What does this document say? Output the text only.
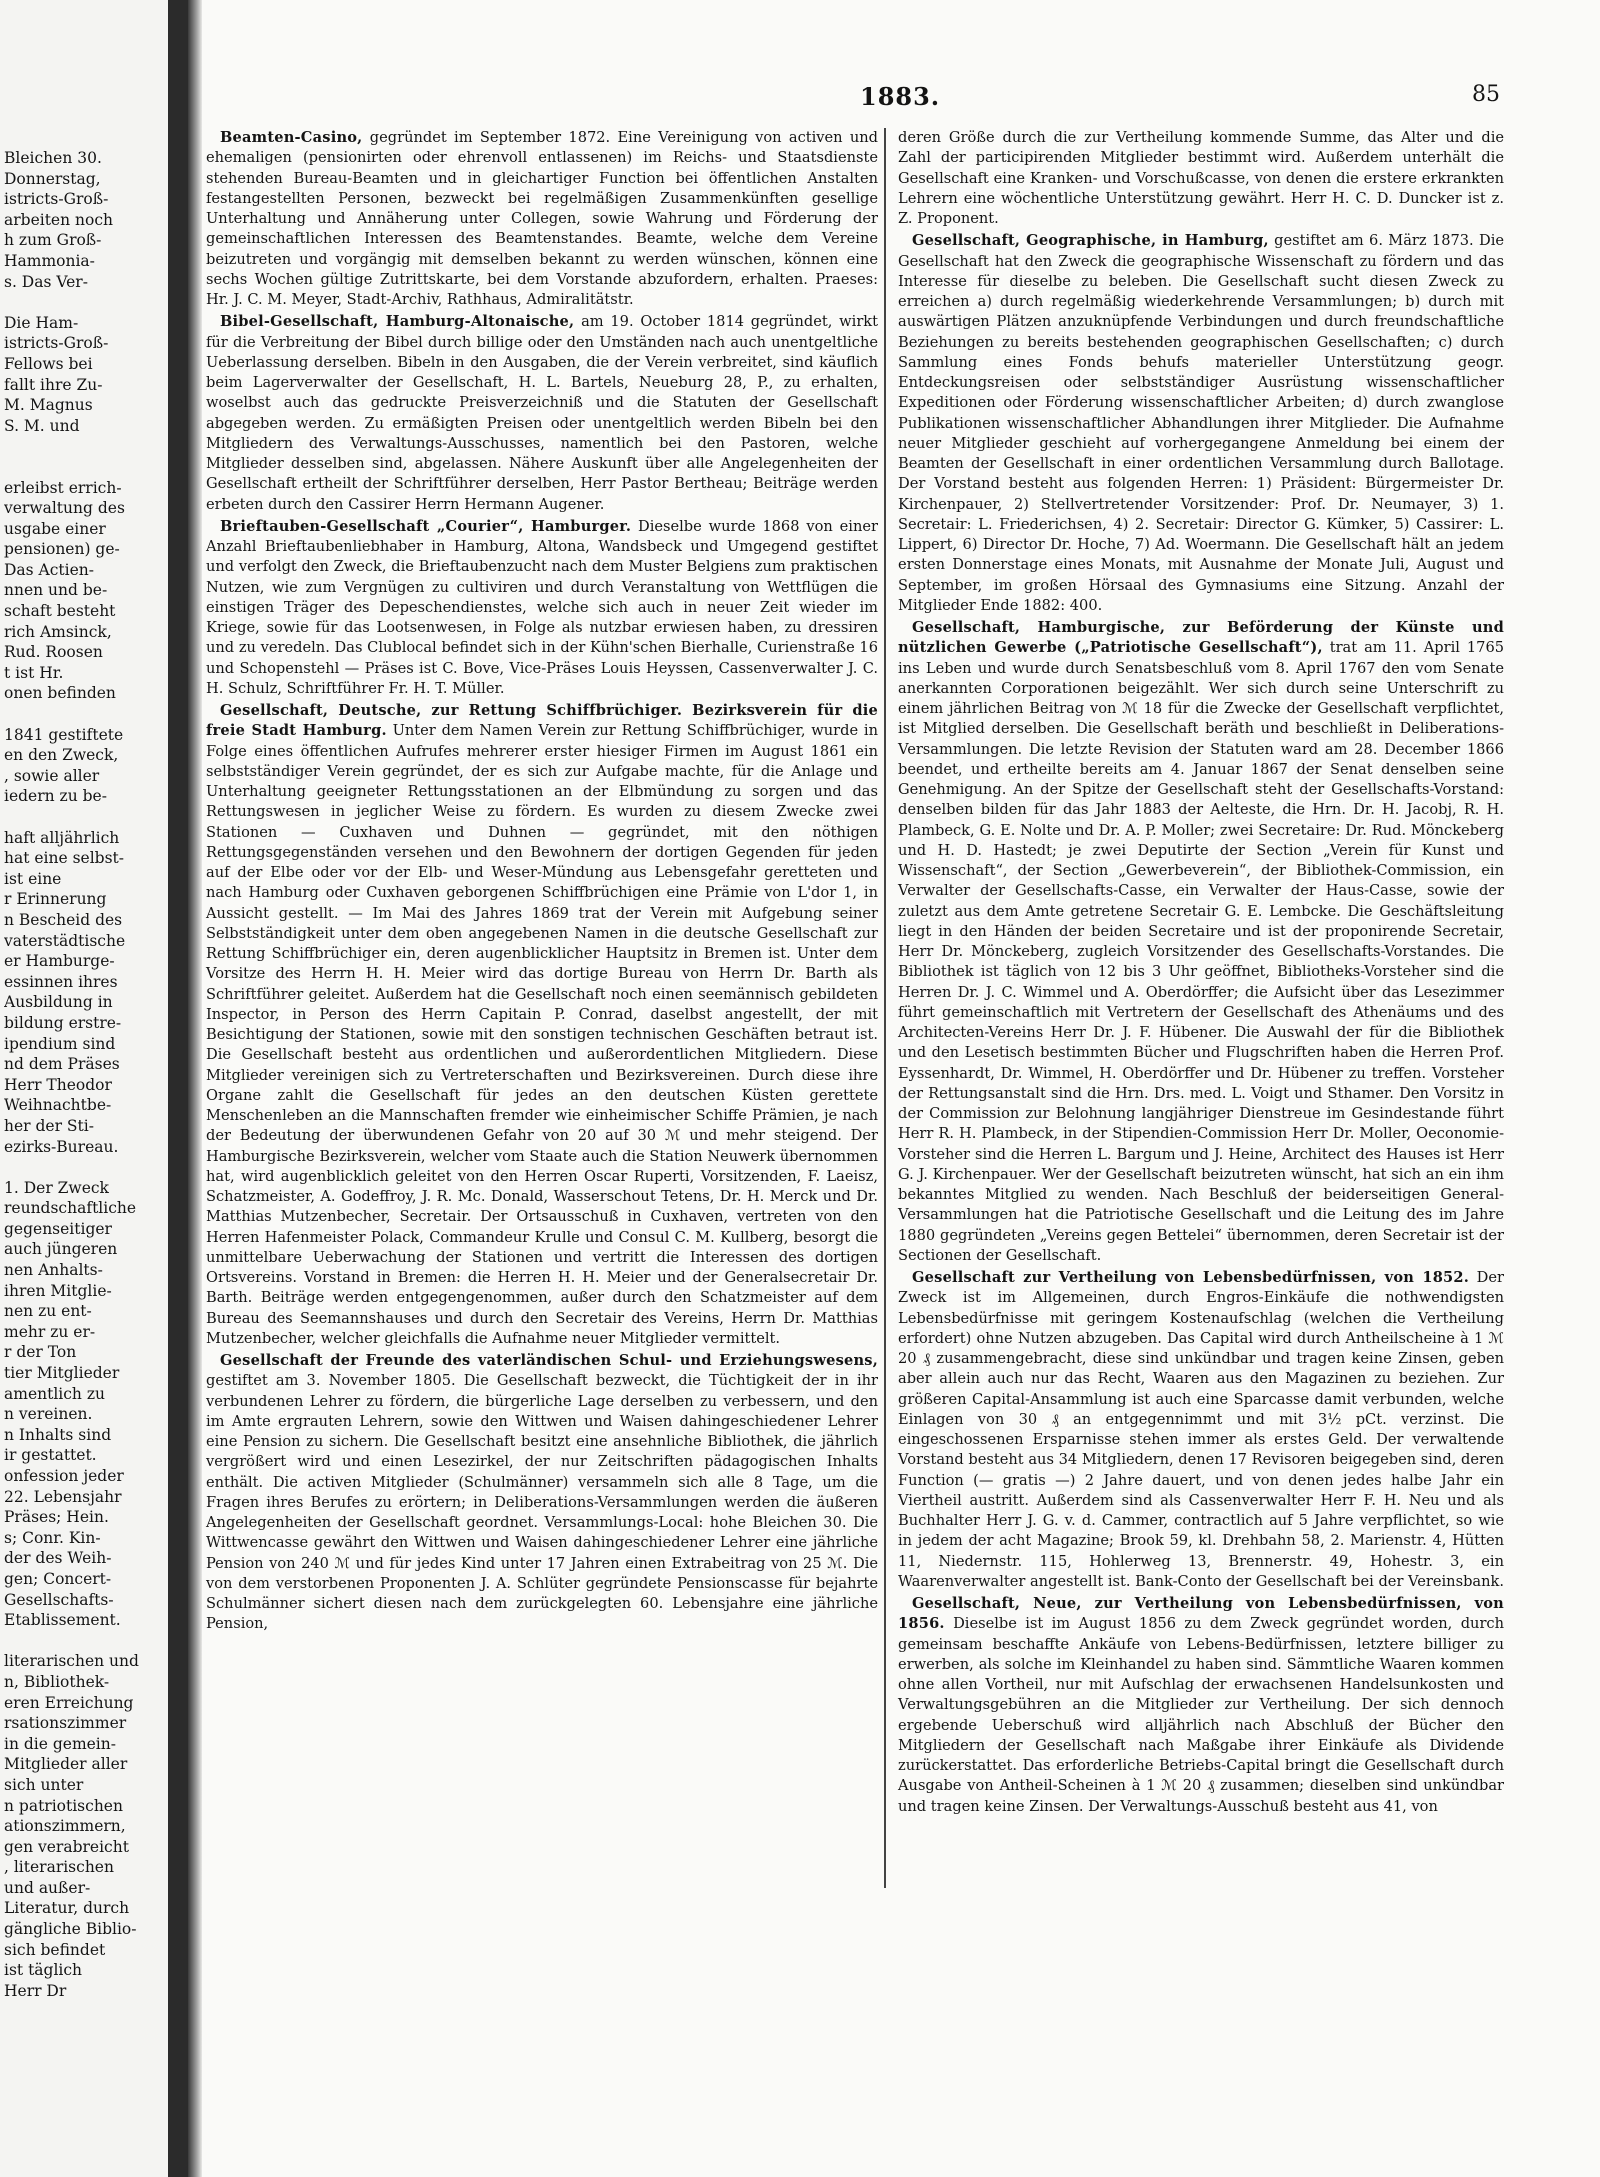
Bleichen 30.
Donnerstag,
istricts-Groß-
arbeiten noch
h zum Groß-
Hammonia-
s. Das Ver-

Die Ham-
istricts-Groß-
Fellows bei
fallt ihre Zu-
M. Magnus
S. M. und

erleibst errich-
verwaltung des
usgabe einer
pensionen) ge-
Das Actien-
nnen und be-
schaft besteht
rich Amsinck,
Rud. Roosen
t ist Hr.
onen befinden

1841 gestiftete
en den Zweck,
, sowie aller
iedern zu be-

haft alljährlich
hat eine selbst-
ist eine
r Erinnerung
n Bescheid des
vaterstädtische
er Hamburge-
essinnen ihres
Ausbildung in
bildung erstre-
ipendium sind
nd dem Präses
Herr Theodor
Weihnachtbe-
her der Sti-
ezirks-Bureau.

1. Der Zweck
reundschaftliche
gegenseitiger
auch jüngeren
nen Anhalts-
ihren Mitglie-
nen zu ent-
mehr zu er-
r der Ton
tier Mitglieder
amentlich zu
n vereinen.
n Inhalts sind
ir gestattet.
onfession jeder
22. Lebensjahr
Präses; Hein.
s; Conr. Kin-
der des Weih-
gen; Concert-
Gesellschafts-
Etablissement.

literarischen und
n, Bibliothek-
eren Erreichung
rsationszimmer
in die gemein-
Mitglieder aller
sich unter
n patriotischen
ationszimmern,
gen verabreicht
, literarischen
und außer-
Literatur, durch
gängliche Biblio-
sich befindet
ist täglich
Herr Dr
1883.	85

Beamten-Casino, gegründet im September 1872. Eine Vereinigung von activen und ehemaligen (pensionirten oder ehrenvoll entlassenen) im Reichs- und Staatsdienste stehenden Bureau-Beamten und in gleichartiger Function bei öffentlichen Anstalten festangestellten Personen, bezweckt bei regelmäßigen Zusammenkünften gesellige Unterhaltung und Annäherung unter Collegen, sowie Wahrung und Förderung der gemeinschaftlichen Interessen des Beamtenstandes. Beamte, welche dem Vereine beizutreten und vorgängig mit demselben bekannt zu werden wünschen, können eine sechs Wochen gültige Zutrittskarte, bei dem Vorstande abzufordern, erhalten. Praeses: Hr. J. C. M. Meyer, Stadt-Archiv, Rathhaus, Admiralitätstr.

Bibel-Gesellschaft, Hamburg-Altonaische, am 19. October 1814 gegründet, wirkt für die Verbreitung der Bibel durch billige oder den Umständen nach auch unentgeltliche Ueberlassung derselben. Bibeln in den Ausgaben, die der Verein verbreitet, sind käuflich beim Lagerverwalter der Gesellschaft, H. L. Bartels, Neueburg 28, P., zu erhalten, woselbst auch das gedruckte Preisverzeichniß und die Statuten der Gesellschaft abgegeben werden. Zu ermäßigten Preisen oder unentgeltlich werden Bibeln bei den Mitgliedern des Verwaltungs-Ausschusses, namentlich bei den Pastoren, welche Mitglieder desselben sind, abgelassen. Nähere Auskunft über alle Angelegenheiten der Gesellschaft ertheilt der Schriftführer derselben, Herr Pastor Bertheau; Beiträge werden erbeten durch den Cassirer Herrn Hermann Augener.

Brieftauben-Gesellschaft „Courier“, Hamburger. Dieselbe wurde 1868 von einer Anzahl Brieftaubenliebhaber in Hamburg, Altona, Wandsbeck und Umgegend gestiftet und verfolgt den Zweck, die Brieftaubenzucht nach dem Muster Belgiens zum praktischen Nutzen, wie zum Vergnügen zu cultiviren und durch Veranstaltung von Wettflügen die einstigen Träger des Depeschendienstes, welche sich auch in neuer Zeit wieder im Kriege, sowie für das Lootsenwesen, in Folge als nutzbar erwiesen haben, zu dressiren und zu veredeln. Das Clublocal befindet sich in der Kühn'schen Bierhalle, Curienstraße 16 und Schopenstehl — Präses ist C. Bove, Vice-Präses Louis Heyssen, Cassenverwalter J. C. H. Schulz, Schriftführer Fr. H. T. Müller.

Gesellschaft, Deutsche, zur Rettung Schiffbrüchiger. Bezirksverein für die freie Stadt Hamburg. Unter dem Namen Verein zur Rettung Schiffbrüchiger, wurde in Folge eines öffentlichen Aufrufes mehrerer erster hiesiger Firmen im August 1861 ein selbstständiger Verein gegründet, der es sich zur Aufgabe machte, für die Anlage und Unterhaltung geeigneter Rettungsstationen an der Elbmündung zu sorgen und das Rettungswesen in jeglicher Weise zu fördern. Es wurden zu diesem Zwecke zwei Stationen — Cuxhaven und Duhnen — gegründet, mit den nöthigen Rettungsgegenständen versehen und den Bewohnern der dortigen Gegenden für jeden auf der Elbe oder vor der Elb- und Weser-Mündung aus Lebensgefahr geretteten und nach Hamburg oder Cuxhaven geborgenen Schiffbrüchigen eine Prämie von L'dor 1, in Aussicht gestellt. — Im Mai des Jahres 1869 trat der Verein mit Aufgebung seiner Selbstständigkeit unter dem oben angegebenen Namen in die deutsche Gesellschaft zur Rettung Schiffbrüchiger ein, deren augenblicklicher Hauptsitz in Bremen ist. Unter dem Vorsitze des Herrn H. H. Meier wird das dortige Bureau von Herrn Dr. Barth als Schriftführer geleitet. Außerdem hat die Gesellschaft noch einen seemännisch gebildeten Inspector, in Person des Herrn Capitain P. Conrad, daselbst angestellt, der mit Besichtigung der Stationen, sowie mit den sonstigen technischen Geschäften betraut ist. Die Gesellschaft besteht aus ordentlichen und außerordentlichen Mitgliedern. Diese Mitglieder vereinigen sich zu Vertreterschaften und Bezirksvereinen. Durch diese ihre Organe zahlt die Gesellschaft für jedes an den deutschen Küsten gerettete Menschenleben an die Mannschaften fremder wie einheimischer Schiffe Prämien, je nach der Bedeutung der überwundenen Gefahr von 20 auf 30 ℳ und mehr steigend. Der Hamburgische Bezirksverein, welcher vom Staate auch die Station Neuwerk übernommen hat, wird augenblicklich geleitet von den Herren Oscar Ruperti, Vorsitzenden, F. Laeisz, Schatzmeister, A. Godeffroy, J. R. Mc. Donald, Wasserschout Tetens, Dr. H. Merck und Dr. Matthias Mutzenbecher, Secretair. Der Ortsausschuß in Cuxhaven, vertreten von den Herren Hafenmeister Polack, Commandeur Krulle und Consul C. M. Kullberg, besorgt die unmittelbare Ueberwachung der Stationen und vertritt die Interessen des dortigen Ortsvereins. Vorstand in Bremen: die Herren H. H. Meier und der Generalsecretair Dr. Barth. Beiträge werden entgegengenommen, außer durch den Schatzmeister auf dem Bureau des Seemannshauses und durch den Secretair des Vereins, Herrn Dr. Matthias Mutzenbecher, welcher gleichfalls die Aufnahme neuer Mitglieder vermittelt.

Gesellschaft der Freunde des vaterländischen Schul- und Erziehungswesens, gestiftet am 3. November 1805. Die Gesellschaft bezweckt, die Tüchtigkeit der in ihr verbundenen Lehrer zu fördern, die bürgerliche Lage derselben zu verbessern, und den im Amte ergrauten Lehrern, sowie den Wittwen und Waisen dahingeschiedener Lehrer eine Pension zu sichern. Die Gesellschaft besitzt eine ansehnliche Bibliothek, die jährlich vergrößert wird und einen Lesezirkel, der nur Zeitschriften pädagogischen Inhalts enthält. Die activen Mitglieder (Schulmänner) versammeln sich alle 8 Tage, um die Fragen ihres Berufes zu erörtern; in Deliberations-Versammlungen werden die äußeren Angelegenheiten der Gesellschaft geordnet. Versammlungs-Local: hohe Bleichen 30. Die Wittwencasse gewährt den Wittwen und Waisen dahingeschiedener Lehrer eine jährliche Pension von 240 ℳ und für jedes Kind unter 17 Jahren einen Extrabeitrag von 25 ℳ. Die von dem verstorbenen Proponenten J. A. Schlüter gegründete Pensionscasse für bejahrte Schulmänner sichert diesen nach dem zurückgelegten 60. Lebensjahre eine jährliche Pension,

deren Größe durch die zur Vertheilung kommende Summe, das Alter und die Zahl der participirenden Mitglieder bestimmt wird. Außerdem unterhält die Gesellschaft eine Kranken- und Vorschußcasse, von denen die erstere erkrankten Lehrern eine wöchentliche Unterstützung gewährt. Herr H. C. D. Duncker ist z. Z. Proponent.

Gesellschaft, Geographische, in Hamburg, gestiftet am 6. März 1873. Die Gesellschaft hat den Zweck die geographische Wissenschaft zu fördern und das Interesse für dieselbe zu beleben. Die Gesellschaft sucht diesen Zweck zu erreichen a) durch regelmäßig wiederkehrende Versammlungen; b) durch mit auswärtigen Plätzen anzuknüpfende Verbindungen und durch freundschaftliche Beziehungen zu bereits bestehenden geographischen Gesellschaften; c) durch Sammlung eines Fonds behufs materieller Unterstützung geogr. Entdeckungsreisen oder selbstständiger Ausrüstung wissenschaftlicher Expeditionen oder Förderung wissenschaftlicher Arbeiten; d) durch zwanglose Publikationen wissenschaftlicher Abhandlungen ihrer Mitglieder. Die Aufnahme neuer Mitglieder geschieht auf vorhergegangene Anmeldung bei einem der Beamten der Gesellschaft in einer ordentlichen Versammlung durch Ballotage. Der Vorstand besteht aus folgenden Herren: 1) Präsident: Bürgermeister Dr. Kirchenpauer, 2) Stellvertretender Vorsitzender: Prof. Dr. Neumayer, 3) 1. Secretair: L. Friederichsen, 4) 2. Secretair: Director G. Kümker, 5) Cassirer: L. Lippert, 6) Director Dr. Hoche, 7) Ad. Woermann. Die Gesellschaft hält an jedem ersten Donnerstage eines Monats, mit Ausnahme der Monate Juli, August und September, im großen Hörsaal des Gymnasiums eine Sitzung. Anzahl der Mitglieder Ende 1882: 400.

Gesellschaft, Hamburgische, zur Beförderung der Künste und nützlichen Gewerbe („Patriotische Gesellschaft“), trat am 11. April 1765 ins Leben und wurde durch Senatsbeschluß vom 8. April 1767 den vom Senate anerkannten Corporationen beigezählt. Wer sich durch seine Unterschrift zu einem jährlichen Beitrag von ℳ 18 für die Zwecke der Gesellschaft verpflichtet, ist Mitglied derselben. Die Gesellschaft beräth und beschließt in Deliberations-Versammlungen. Die letzte Revision der Statuten ward am 28. December 1866 beendet, und ertheilte bereits am 4. Januar 1867 der Senat denselben seine Genehmigung. An der Spitze der Gesellschaft steht der Gesellschafts-Vorstand: denselben bilden für das Jahr 1883 der Aelteste, die Hrn. Dr. H. Jacobj, R. H. Plambeck, G. E. Nolte und Dr. A. P. Moller; zwei Secretaire: Dr. Rud. Mönckeberg und H. D. Hastedt; je zwei Deputirte der Section „Verein für Kunst und Wissenschaft“, der Section „Gewerbeverein“, der Bibliothek-Commission, ein Verwalter der Gesellschafts-Casse, ein Verwalter der Haus-Casse, sowie der zuletzt aus dem Amte getretene Secretair G. E. Lembcke. Die Geschäftsleitung liegt in den Händen der beiden Secretaire und ist der proponirende Secretair, Herr Dr. Mönckeberg, zugleich Vorsitzender des Gesellschafts-Vorstandes. Die Bibliothek ist täglich von 12 bis 3 Uhr geöffnet, Bibliotheks-Vorsteher sind die Herren Dr. J. C. Wimmel und A. Oberdörffer; die Aufsicht über das Lesezimmer führt gemeinschaftlich mit Vertretern der Gesellschaft des Athenäums und des Architecten-Vereins Herr Dr. J. F. Hübener. Die Auswahl der für die Bibliothek und den Lesetisch bestimmten Bücher und Flugschriften haben die Herren Prof. Eyssenhardt, Dr. Wimmel, H. Oberdörffer und Dr. Hübener zu treffen. Vorsteher der Rettungsanstalt sind die Hrn. Drs. med. L. Voigt und Sthamer. Den Vorsitz in der Commission zur Belohnung langjähriger Dienstreue im Gesindestande führt Herr R. H. Plambeck, in der Stipendien-Commission Herr Dr. Moller, Oeconomie-Vorsteher sind die Herren L. Bargum und J. Heine, Architect des Hauses ist Herr G. J. Kirchenpauer. Wer der Gesellschaft beizutreten wünscht, hat sich an ein ihm bekanntes Mitglied zu wenden. Nach Beschluß der beiderseitigen General-Versammlungen hat die Patriotische Gesellschaft und die Leitung des im Jahre 1880 gegründeten „Vereins gegen Bettelei“ übernommen, deren Secretair ist der Sectionen der Gesellschaft.

Gesellschaft zur Vertheilung von Lebensbedürfnissen, von 1852. Der Zweck ist im Allgemeinen, durch Engros-Einkäufe die nothwendigsten Lebensbedürfnisse mit geringem Kostenaufschlag (welchen die Vertheilung erfordert) ohne Nutzen abzugeben. Das Capital wird durch Antheilscheine à 1 ℳ 20 ₰ zusammengebracht, diese sind unkündbar und tragen keine Zinsen, geben aber allein auch nur das Recht, Waaren aus den Magazinen zu beziehen. Zur größeren Capital-Ansammlung ist auch eine Sparcasse damit verbunden, welche Einlagen von 30 ₰ an entgegennimmt und mit 3½ pCt. verzinst. Die eingeschossenen Ersparnisse stehen immer als erstes Geld. Der verwaltende Vorstand besteht aus 34 Mitgliedern, denen 17 Revisoren beigegeben sind, deren Function (— gratis —) 2 Jahre dauert, und von denen jedes halbe Jahr ein Viertheil austritt. Außerdem sind als Cassenverwalter Herr F. H. Neu und als Buchhalter Herr J. G. v. d. Cammer, contractlich auf 5 Jahre verpflichtet, so wie in jedem der acht Magazine; Brook 59, kl. Drehbahn 58, 2. Marienstr. 4, Hütten 11, Niedernstr. 115, Hohlerweg 13, Brennerstr. 49, Hohestr. 3, ein Waarenverwalter angestellt ist. Bank-Conto der Gesellschaft bei der Vereinsbank.

Gesellschaft, Neue, zur Vertheilung von Lebensbedürfnissen, von 1856. Dieselbe ist im August 1856 zu dem Zweck gegründet worden, durch gemeinsam beschaffte Ankäufe von Lebens-Bedürfnissen, letztere billiger zu erwerben, als solche im Kleinhandel zu haben sind. Sämmtliche Waaren kommen ohne allen Vortheil, nur mit Aufschlag der erwachsenen Handelsunkosten und Verwaltungsgebühren an die Mitglieder zur Vertheilung. Der sich dennoch ergebende Ueberschuß wird alljährlich nach Abschluß der Bücher den Mitgliedern der Gesellschaft nach Maßgabe ihrer Einkäufe als Dividende zurückerstattet. Das erforderliche Betriebs-Capital bringt die Gesellschaft durch Ausgabe von Antheil-Scheinen à 1 ℳ 20 ₰ zusammen; dieselben sind unkündbar und tragen keine Zinsen. Der Verwaltungs-Ausschuß besteht aus 41, von
